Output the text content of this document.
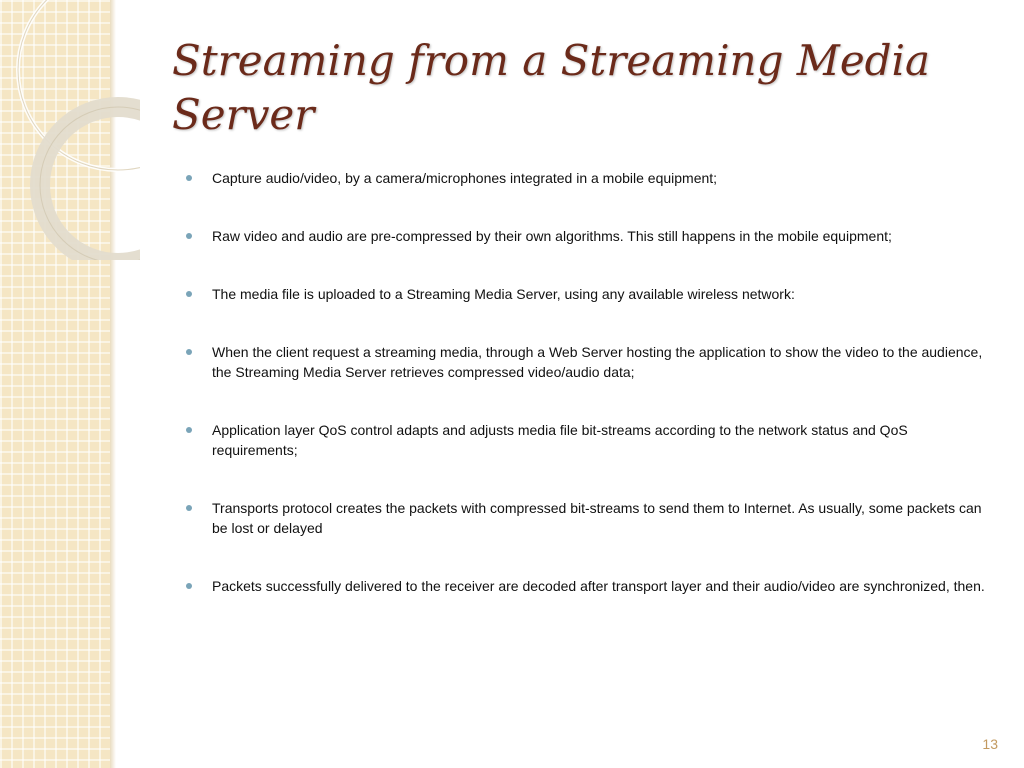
Streaming from a Streaming Media Server
Capture audio/video, by a camera/microphones integrated in a mobile equipment;
Raw video and audio are pre-compressed by their own algorithms. This still happens in the mobile equipment;
The media file is uploaded to a Streaming Media Server, using any available wireless network:
When the client request a streaming media, through a Web Server hosting the application to show the video to the audience, the Streaming Media Server retrieves compressed video/audio data;
Application layer QoS control adapts and adjusts media file bit-streams according to the network status and QoS requirements;
Transports protocol creates the packets with compressed bit-streams to send them to Internet. As usually, some packets can be lost or delayed
Packets successfully delivered to the receiver are decoded after transport layer and their audio/video are synchronized, then.
13
